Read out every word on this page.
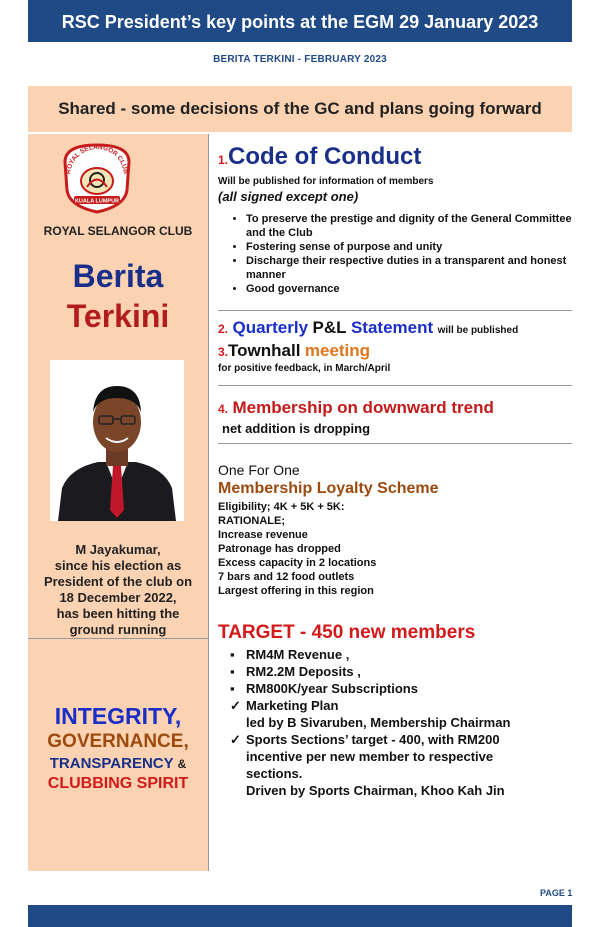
RSC President’s key points at the EGM 29 January 2023
BERITA TERKINI - FEBRUARY 2023
Shared - some decisions of the GC and plans going forward
ROYAL SELANGOR CLUB
KUALA LUMPUR
ROYAL SELANGOR CLUB
Berita
Terkini
M Jayakumar,
since his election as
President of the club on
18 December 2022,
has been hitting the
ground running
INTEGRITY,
GOVERNANCE,
TRANSPARENCY &
CLUBBING SPIRIT
1.Code of Conduct
Will be published for information of members
(all signed except one)
• To preserve the prestige and dignity of the General Committee and the Club
• Fostering sense of purpose and unity
• Discharge their respective duties in a transparent and honest manner
• Good governance
2. Quarterly P&L Statement will be published
3.Townhall meeting
for positive feedback, in March/April
4. Membership on downward trend
net addition is dropping
One For One
Membership Loyalty Scheme
Eligibility; 4K + 5K + 5K:
RATIONALE;
Increase revenue
Patronage has dropped
Excess capacity in 2 locations
7 bars and 12 food outlets
Largest offering in this region
TARGET - 450 new members
▪ RM4M Revenue ,
▪ RM2.2M Deposits ,
▪ RM800K/year Subscriptions
✓ Marketing Plan
led by B Sivaruben, Membership Chairman
✓ Sports Sections’ target - 400, with RM200
incentive per new member to respective
sections.
Driven by Sports Chairman, Khoo Kah Jin
PAGE 1
